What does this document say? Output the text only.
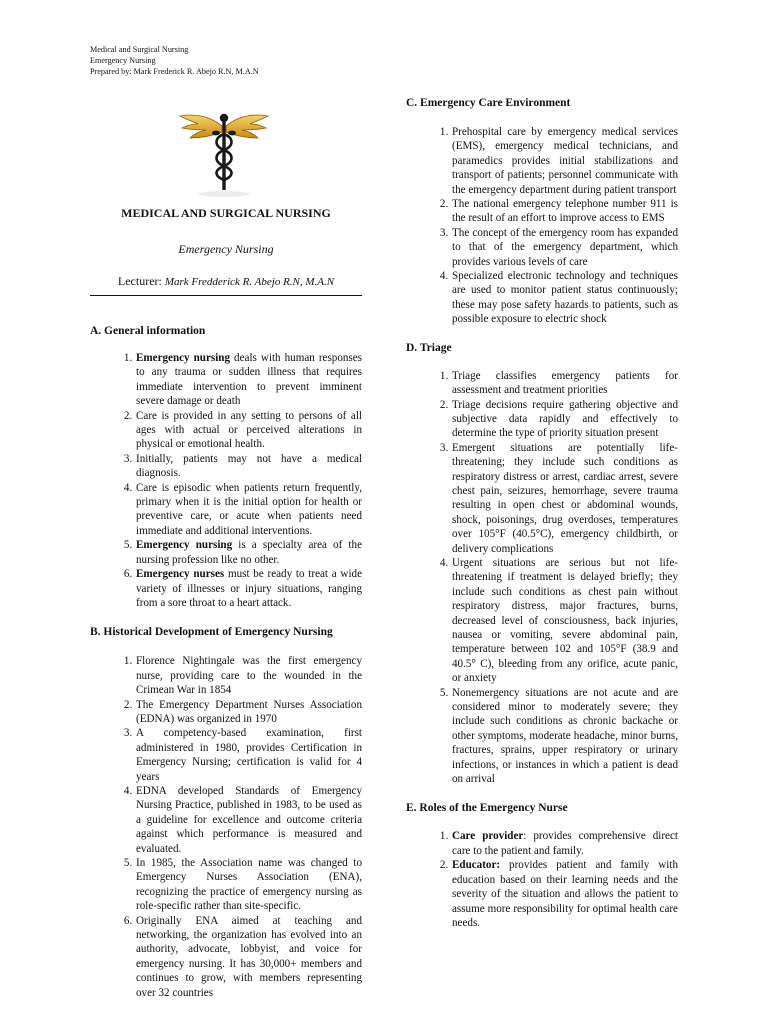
Medical and Surgical Nursing
Emergency Nursing
Prepared by: Mark Frederick R. Abejo R.N, M.A.N

MEDICAL AND SURGICAL NURSING

Emergency Nursing

Lecturer: Mark Fredderick R. Abejo R.N, M.A.N

A. General information
1. Emergency nursing deals with human responses to any trauma or sudden illness that requires immediate intervention to prevent imminent severe damage or death
2. Care is provided in any setting to persons of all ages with actual or perceived alterations in physical or emotional health.
3. Initially, patients may not have a medical diagnosis.
4. Care is episodic when patients return frequently, primary when it is the initial option for health or preventive care, or acute when patients need immediate and additional interventions.
5. Emergency nursing is a specialty area of the nursing profession like no other.
6. Emergency nurses must be ready to treat a wide variety of illnesses or injury situations, ranging from a sore throat to a heart attack.
B. Historical Development of Emergency Nursing
1. Florence Nightingale was the first emergency nurse, providing care to the wounded in the Crimean War in 1854
2. The Emergency Department Nurses Association (EDNA) was organized in 1970
3. A competency-based examination, first administered in 1980, provides Certification in Emergency Nursing; certification is valid for 4 years
4. EDNA developed Standards of Emergency Nursing Practice, published in 1983, to be used as a guideline for excellence and outcome criteria against which performance is measured and evaluated.
5. In 1985, the Association name was changed to Emergency Nurses Association (ENA), recognizing the practice of emergency nursing as role-specific rather than site-specific.
6. Originally ENA aimed at teaching and networking, the organization has evolved into an authority, advocate, lobbyist, and voice for emergency nursing. It has 30,000+ members and continues to grow, with members representing over 32 countries
C. Emergency Care Environment
1. Prehospital care by emergency medical services (EMS), emergency medical technicians, and paramedics provides initial stabilizations and transport of patients; personnel communicate with the emergency department during patient transport
2. The national emergency telephone number 911 is the result of an effort to improve access to EMS
3. The concept of the emergency room has expanded to that of the emergency department, which provides various levels of care
4. Specialized electronic technology and techniques are used to monitor patient status continuously; these may pose safety hazards to patients, such as possible exposure to electric shock
D. Triage
1. Triage classifies emergency patients for assessment and treatment priorities
2. Triage decisions require gathering objective and subjective data rapidly and effectively to determine the type of priority situation present
3. Emergent situations are potentially life-threatening; they include such conditions as respiratory distress or arrest, cardiac arrest, severe chest pain, seizures, hemorrhage, severe trauma resulting in open chest or abdominal wounds, shock, poisonings, drug overdoses, temperatures over 105°F (40.5°C), emergency childbirth, or delivery complications
4. Urgent situations are serious but not life-threatening if treatment is delayed briefly; they include such conditions as chest pain without respiratory distress, major fractures, burns, decreased level of consciousness, back injuries, nausea or vomiting, severe abdominal pain, temperature between 102 and 105°F (38.9 and 40.5° C), bleeding from any orifice, acute panic, or anxiety
5. Nonemergency situations are not acute and are considered minor to moderately severe; they include such conditions as chronic backache or other symptoms, moderate headache, minor burns, fractures, sprains, upper respiratory or urinary infections, or instances in which a patient is dead on arrival
E. Roles of the Emergency Nurse
1. Care provider: provides comprehensive direct care to the patient and family.
2. Educator: provides patient and family with education based on their learning needs and the severity of the situation and allows the patient to assume more responsibility for optimal health care needs.
